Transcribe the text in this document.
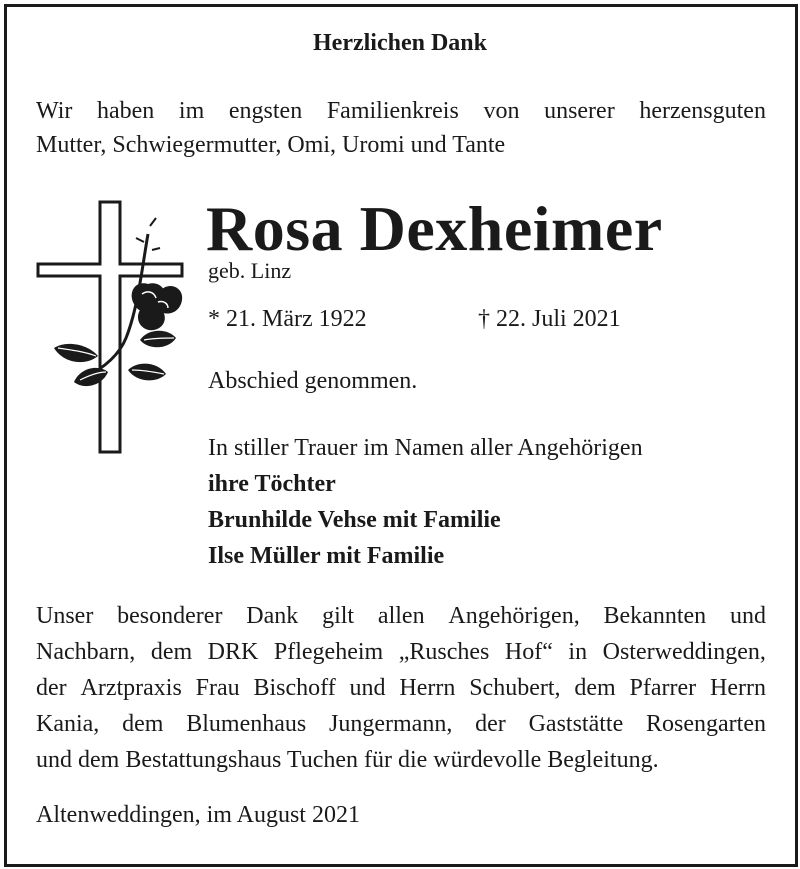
Herzlichen Dank
Wir haben im engsten Familienkreis von unserer herzensguten
Mutter, Schwiegermutter, Omi, Uromi und Tante
Rosa Dexheimer
geb. Linz
* 21. März 1922	† 22. Juli 2021
Abschied genommen.
In stiller Trauer im Namen aller Angehörigen
ihre Töchter
Brunhilde Vehse mit Familie
Ilse Müller mit Familie
Unser besonderer Dank gilt allen Angehörigen, Bekannten und
Nachbarn, dem DRK Pflegeheim „Rusches Hof“ in Osterweddingen,
der Arztpraxis Frau Bischoff und Herrn Schubert, dem Pfarrer Herrn
Kania, dem Blumenhaus Jungermann, der Gaststätte Rosengarten
und dem Bestattungshaus Tuchen für die würdevolle Begleitung.
Altenweddingen, im August 2021
